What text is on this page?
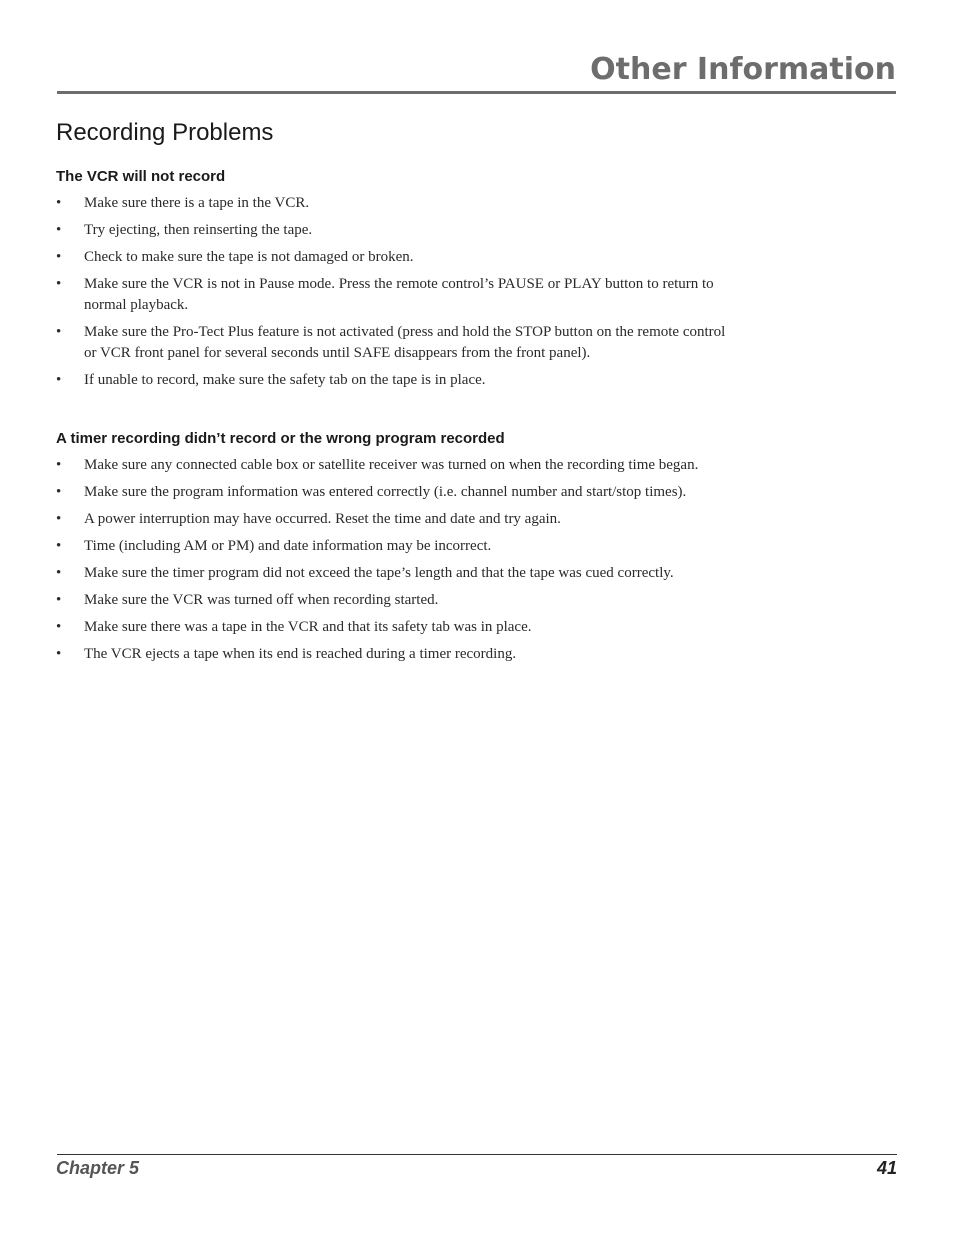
Other Information
Recording Problems
The VCR will not record
•	Make sure there is a tape in the VCR.
•	Try ejecting, then reinserting the tape.
•	Check to make sure the tape is not damaged or broken.
•	Make sure the VCR is not in Pause mode. Press the remote control’s PAUSE or PLAY button to return to normal playback.
•	Make sure the Pro-Tect Plus feature is not activated (press and hold the STOP button on the remote control or VCR front panel for several seconds until SAFE disappears from the front panel).
•	If unable to record, make sure the safety tab on the tape is in place.
A timer recording didn’t record or the wrong program recorded
•	Make sure any connected cable box or satellite receiver was turned on when the recording time began.
•	Make sure the program information was entered correctly (i.e. channel number and start/stop times).
•	A power interruption may have occurred. Reset the time and date and try again.
•	Time (including AM or PM) and date information may be incorrect.
•	Make sure the timer program did not exceed the tape’s length and that the tape was cued correctly.
•	Make sure the VCR was turned off when recording started.
•	Make sure there was a tape in the VCR and that its safety tab was in place.
•	The VCR ejects a tape when its end is reached during a timer recording.
Chapter 5	41
